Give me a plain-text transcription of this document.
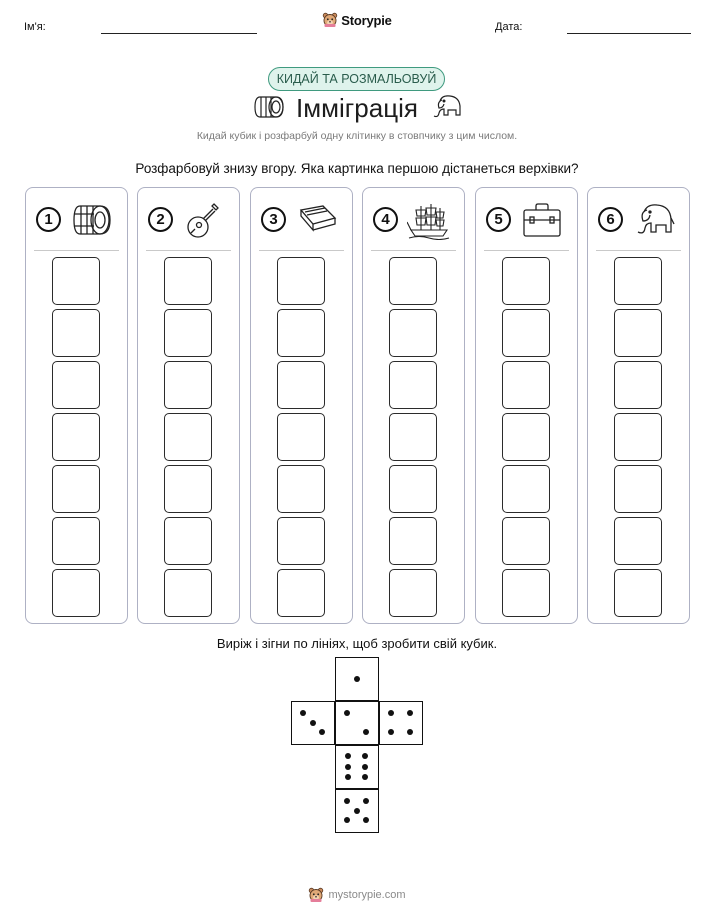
Ім'я:	Storypie	Дата:
КИДАЙ ТА РОЗМАЛЬОВУЙ
Імміграція
Кидай кубик і розфарбуй одну клітинку в стовпчику з цим числом.
Розфарбовуй знизу вгору. Яка картинка першою дістанеться верхівки?
1	2	3	4	5	6
Виріж і зігни по лініях, щоб зробити свій кубик.
mystorypie.com
